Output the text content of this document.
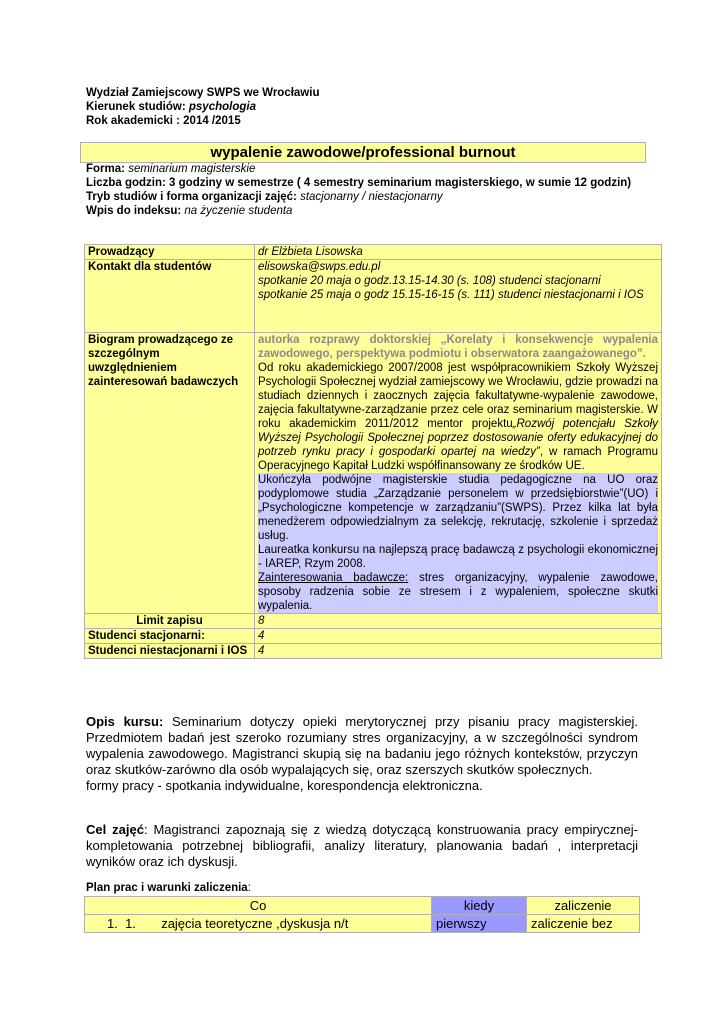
Wydział Zamiejscowy SWPS we Wrocławiu
Kierunek studiów: psychologia
Rok akademicki : 2014 /2015
wypalenie zawodowe/professional burnout
Forma: seminarium magisterskie
Liczba godzin: 3 godziny w semestrze ( 4 semestry seminarium magisterskiego, w sumie 12 godzin)
Tryb studiów i forma organizacji zajęć: stacjonarny / niestacjonarny
Wpis do indeksu: na życzenie studenta
Prowadzący	dr Elżbieta Lisowska
Kontakt dla studentów	elisowska@swps.edu.pl
spotkanie 20 maja o godz.13.15-14.30 (s. 108) studenci stacjonarni
spotkanie 25 maja o godz 15.15-16-15 (s. 111) studenci niestacjonarni i IOS

Biogram prowadzącego ze szczególnym uwzględnieniem zainteresowań badawczych	autorka rozprawy doktorskiej „Korelaty i konsekwencje wypalenia zawodowego, perspektywa podmiotu i obserwatora zaangażowanego”.
Od roku akademickiego 2007/2008 jest współpracownikiem Szkoły Wyższej Psychologii Społecznej wydział zamiejscowy we Wrocławiu, gdzie prowadzi na studiach dziennych i zaocznych zajęcia fakultatywne-wypalenie zawodowe, zajęcia fakultatywne-zarządzanie przez cele oraz seminarium magisterskie. W roku akademickim 2011/2012 mentor projektu„Rozwój potencjału Szkoły Wyższej Psychologii Społecznej poprzez dostosowanie oferty edukacyjnej do potrzeb rynku pracy i gospodarki opartej na wiedzy”, w ramach Programu Operacyjnego Kapitał Ludzki współfinansowany ze środków UE.
Ukończyła podwójne magisterskie studia pedagogiczne na UO oraz podyplomowe studia „Zarządzanie personelem w przedsiębiorstwie”(UO) i „Psychologiczne kompetencje w zarządzaniu”(SWPS). Przez kilka lat była menedżerem odpowiedzialnym za selekcję, rekrutację, szkolenie i sprzedaż usług.
Laureatka konkursu na najlepszą pracę badawczą z psychologii ekonomicznej - IAREP, Rzym 2008.
Zainteresowania badawcze: stres organizacyjny, wypalenie zawodowe, sposoby radzenia sobie ze stresem i z wypaleniem, społeczne skutki wypalenia.

Limit zapisu	8
Studenci stacjonarni:	4
Studenci niestacjonarni i IOS	4
Opis kursu: Seminarium dotyczy opieki merytorycznej przy pisaniu pracy magisterskiej. Przedmiotem badań jest szeroko rozumiany stres organizacyjny, a w szczególności syndrom wypalenia zawodowego. Magistranci skupią się na badaniu jego różnych kontekstów, przyczyn oraz skutków-zarówno dla osób wypalających się, oraz szerszych skutków społecznych.
formy pracy - spotkania indywidualne, korespondencja elektroniczna.
Cel zajęć: Magistranci zapoznają się z wiedzą dotyczącą konstruowania pracy empirycznej-kompletowania potrzebnej bibliografii, analizy literatury, planowania badań , interpretacji wyników oraz ich dyskusji.
Plan prac i warunki zaliczenia:
Co	kiedy	zaliczenie
1.  1.       zajęcia teoretyczne ,dyskusja n/t	pierwszy	zaliczenie bez
